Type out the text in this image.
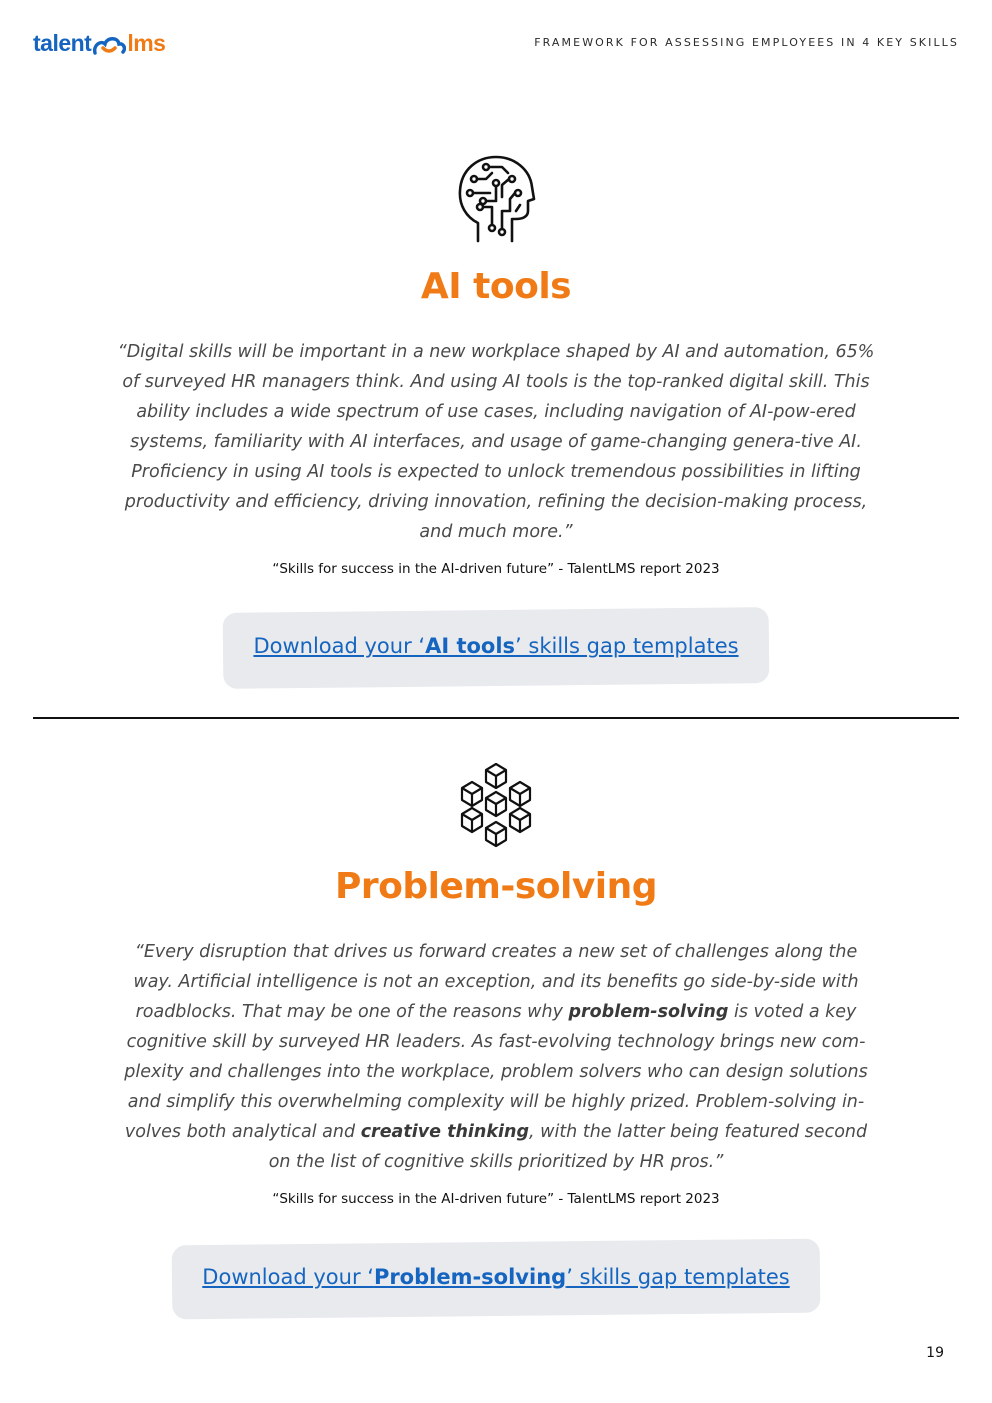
talent lms	FRAMEWORK FOR ASSESSING EMPLOYEES IN 4 KEY SKILLS
AI tools
“Digital skills will be important in a new workplace shaped by AI and automation, 65% of surveyed HR managers think. And using AI tools is the top-ranked digital skill. This ability includes a wide spectrum of use cases, including navigation of AI-pow-ered systems, familiarity with AI interfaces, and usage of game-changing genera-tive AI. Proficiency in using AI tools is expected to unlock tremendous possibilities in lifting productivity and efficiency, driving innovation, refining the decision-making process, and much more.”
“Skills for success in the AI-driven future” - TalentLMS report 2023
Download your ‘AI tools’ skills gap templates
Problem-solving
“Every disruption that drives us forward creates a new set of challenges along the way. Artificial intelligence is not an exception, and its benefits go side-by-side with roadblocks. That may be one of the reasons why problem-solving is voted a key cognitive skill by surveyed HR leaders. As fast-evolving technology brings new com-plexity and challenges into the workplace, problem solvers who can design solutions and simplify this overwhelming complexity will be highly prized. Problem-solving in-volves both analytical and creative thinking, with the latter being featured second on the list of cognitive skills prioritized by HR pros.”
“Skills for success in the AI-driven future” - TalentLMS report 2023
Download your ‘Problem-solving’ skills gap templates
19
